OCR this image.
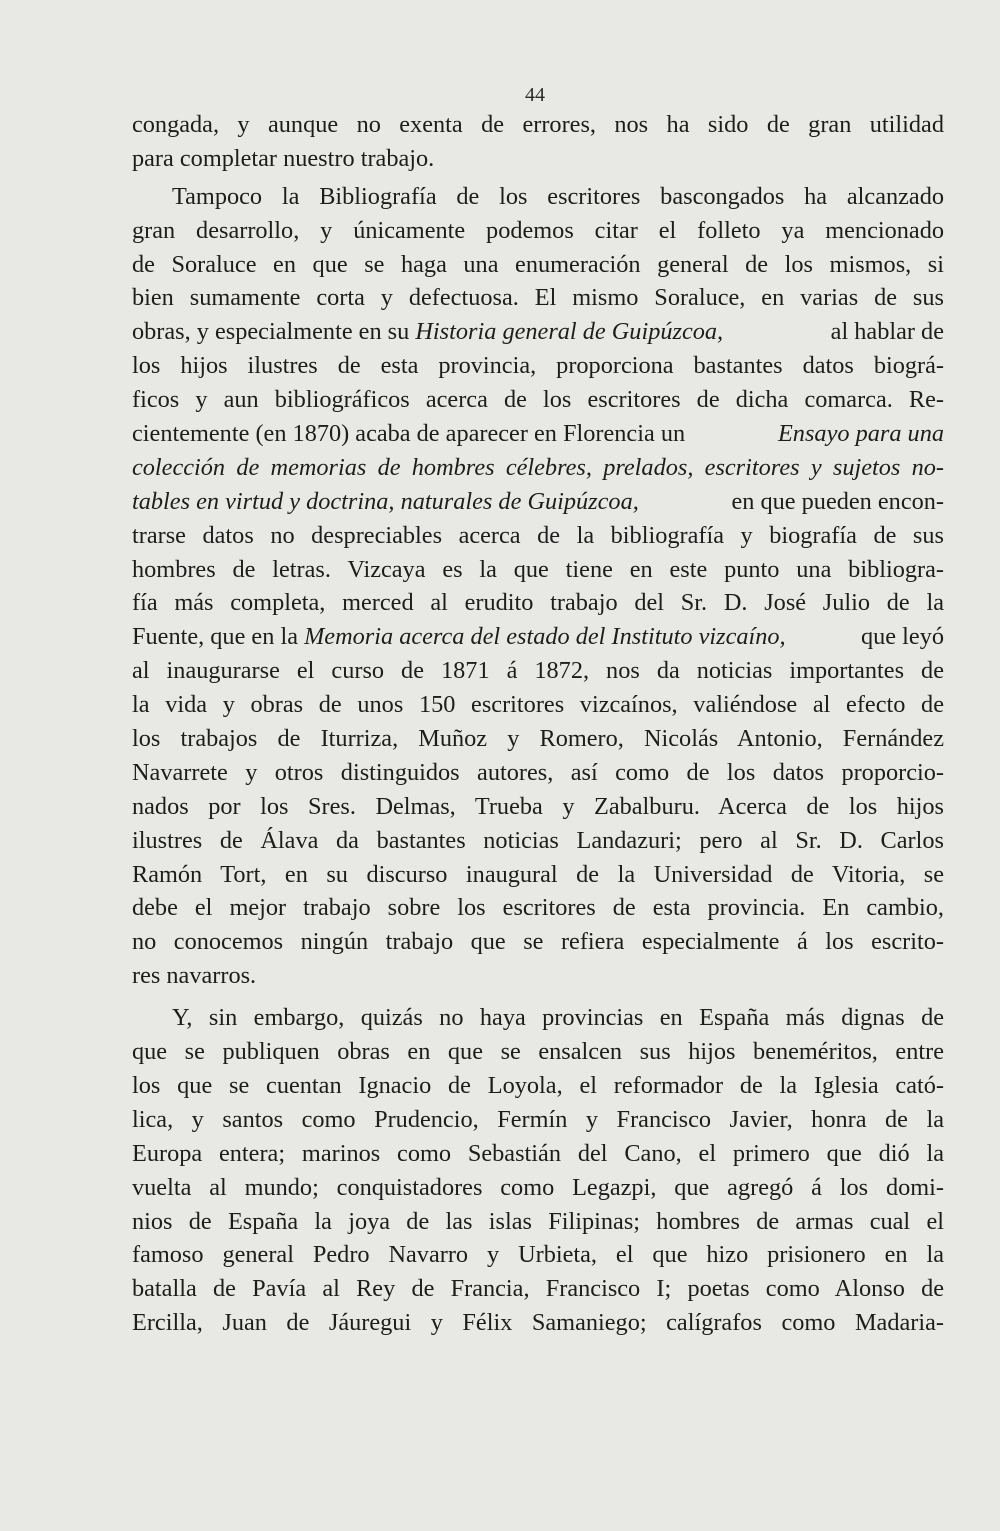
44
congada, y aunque no exenta de errores, nos ha sido de gran utilidad
para completar nuestro trabajo.
Tampoco la Bibliografía de los escritores bascongados ha alcanzado
gran desarrollo, y únicamente podemos citar el folleto ya mencionado
de Soraluce en que se haga una enumeración general de los mismos, si
bien sumamente corta y defectuosa. El mismo Soraluce, en varias de sus
obras, y especialmente en su Historia general de Guipúzcoa,	al hablar de
los hijos ilustres de esta provincia, proporciona bastantes datos biográ-
ficos y aun bibliográficos acerca de los escritores de dicha comarca. Re-
cientemente (en 1870) acaba de aparecer en Florencia un	Ensayo para una
colección de memorias de hombres célebres, prelados, escritores y sujetos no-
tables en virtud y doctrina, naturales de Guipúzcoa,	en que pueden encon-
trarse datos no despreciables acerca de la bibliografía y biografía de sus
hombres de letras. Vizcaya es la que tiene en este punto una bibliogra-
fía más completa, merced al erudito trabajo del Sr. D. José Julio de la
Fuente, que en la Memoria acerca del estado del Instituto vizcaíno,	que leyó
al inaugurarse el curso de 1871 á 1872, nos da noticias importantes de
la vida y obras de unos 150 escritores vizcaínos, valiéndose al efecto de
los trabajos de Iturriza, Muñoz y Romero, Nicolás Antonio, Fernández
Navarrete y otros distinguidos autores, así como de los datos proporcio-
nados por los Sres. Delmas, Trueba y Zabalburu. Acerca de los hijos
ilustres de Álava da bastantes noticias Landazuri; pero al Sr. D. Carlos
Ramón Tort, en su discurso inaugural de la Universidad de Vitoria, se
debe el mejor trabajo sobre los escritores de esta provincia. En cambio,
no conocemos ningún trabajo que se refiera especialmente á los escrito-
res navarros.
Y, sin embargo, quizás no haya provincias en España más dignas de
que se publiquen obras en que se ensalcen sus hijos beneméritos, entre
los que se cuentan Ignacio de Loyola, el reformador de la Iglesia cató-
lica, y santos como Prudencio, Fermín y Francisco Javier, honra de la
Europa entera; marinos como Sebastián del Cano, el primero que dió la
vuelta al mundo; conquistadores como Legazpi, que agregó á los domi-
nios de España la joya de las islas Filipinas; hombres de armas cual el
famoso general Pedro Navarro y Urbieta, el que hizo prisionero en la
batalla de Pavía al Rey de Francia, Francisco I; poetas como Alonso de
Ercilla, Juan de Jáuregui y Félix Samaniego; calígrafos como Madaria-
